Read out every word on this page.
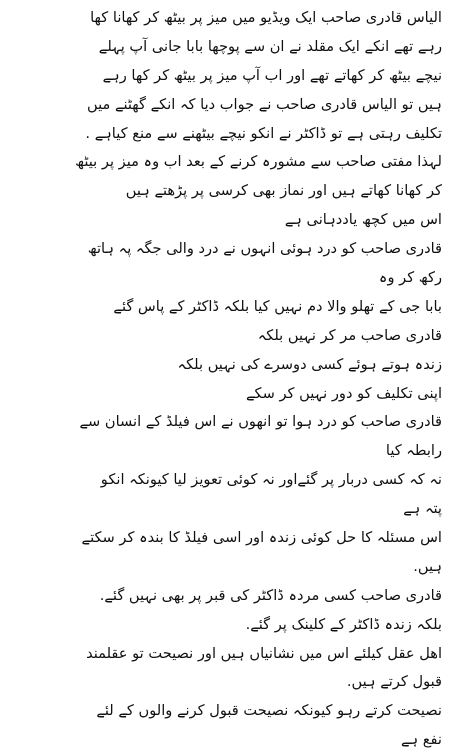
الیاس قادری صاحب ایک ویڈیو میں میز پر بیٹھ کر کھانا کھا
رہے تھے انکے ایک مقلد نے ان سے پوچھا بابا جانی آپ پہلے
نیچے بیٹھ کر کھاتے تھے اور اب آپ میز پر بیٹھ کر کھا رہے
ہیں تو الیاس قادری صاحب نے جواب دیا کہ انکے گھٹنے میں
تکلیف رہتی ہے تو ڈاکٹر نے انکو نیچے بیٹھنے سے منع کیاہے .
لہذا مفتی صاحب سے مشورہ کرنے کے بعد اب وہ میز پر بیٹھ
کر کھانا کھاتے ہیں اور نماز بھی کرسی پر پڑھتے ہیں
اس میں کچھ یاددہانی ہے
قادری صاحب کو درد ہوئی انہوں نے درد والی جگہ پہ ہاتھ
رکھ کر وہ
بابا جی کے تھلو والا دم نہیں کیا بلکہ ڈاکٹر کے پاس گئے
قادری صاحب مر کر نہیں بلکہ
زندہ ہوتے ہوئے کسی دوسرے کی نہیں بلکہ
اپنی تکلیف کو دور نہیں کر سکے
قادری صاحب کو درد ہوا تو انھوں نے اس فیلڈ کے انسان سے
رابطہ کیا
نہ کہ کسی دربار پر گئےاور نہ کوئی تعویز لیا کیونکہ انکو
پتہ ہے
اس مسئلہ کا حل کوئی زندہ اور اسی فیلڈ کا بندہ کر سکتے
ہیں.
قادری صاحب کسی مردہ ڈاکٹر کی قبر پر بھی نہیں گئے.
بلکہ زندہ ڈاکٹر کے کلینک پر گئے.
اهل عقل کیلئے اس میں نشانیاں ہیں اور نصیحت تو عقلمند
قبول کرتے ہیں.
نصیحت کرتے رہو کیونکہ نصیحت قبول کرنے والوں کے لئے
نفع ہے
